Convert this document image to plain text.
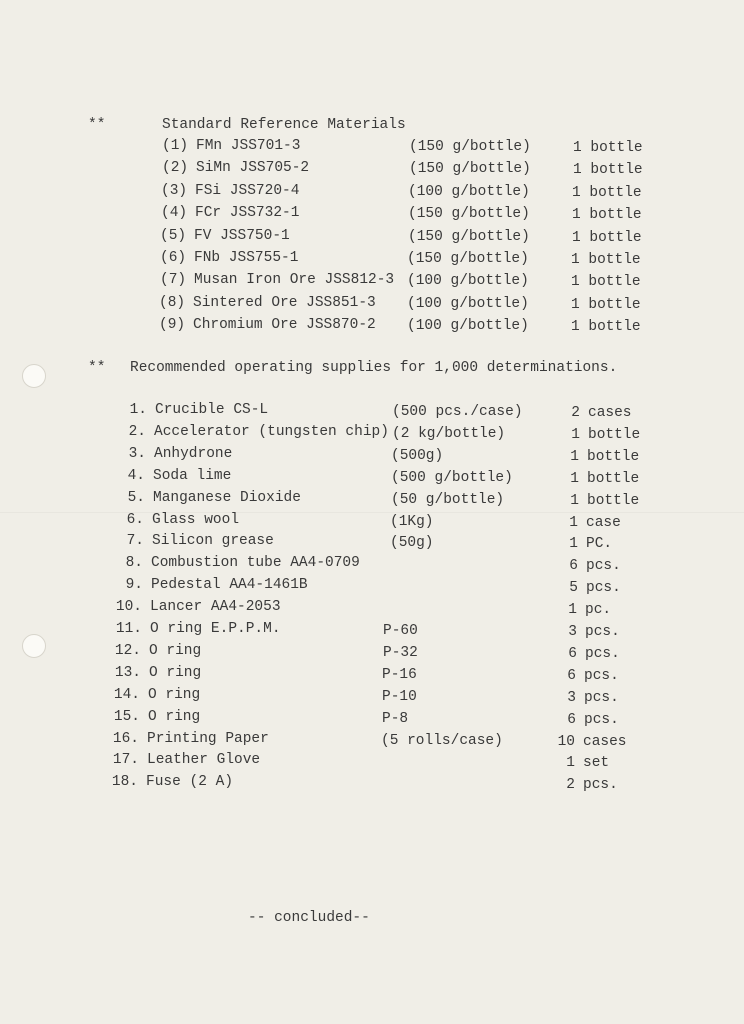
**	Standard Reference Materials
(1) FMn JSS701-3	(150 g/bottle)	1 bottle
(2) SiMn JSS705-2	(150 g/bottle)	1 bottle
(3) FSi JSS720-4	(100 g/bottle)	1 bottle
(4) FCr JSS732-1	(150 g/bottle)	1 bottle
(5) FV JSS750-1	(150 g/bottle)	1 bottle
(6) FNb JSS755-1	(150 g/bottle)	1 bottle
(7) Musan Iron Ore JSS812-3 (100 g/bottle)	1 bottle
(8) Sintered Ore JSS851-3 (100 g/bottle)	1 bottle
(9) Chromium Ore JSS870-2 (100 g/bottle)	1 bottle
** Recommended operating supplies for 1,000 determinations.
1. Crucible CS-L	(500 pcs./case)	2 cases
2. Accelerator (tungsten chip) (2 kg/bottle)	1 bottle
3. Anhydrone	(500g)	1 bottle
4. Soda lime	(500 g/bottle)	1 bottle
5. Manganese Dioxide	(50 g/bottle)	1 bottle
6. Glass wool	(1Kg)	1 case
7. Silicon grease	(50g)	1 PC.
8. Combustion tube AA4-0709	6 pcs.
9. Pedestal AA4-1461B	5 pcs.
10. Lancer AA4-2053	1 pc.
11. O ring E.P.P.M.	P-60	3 pcs.
12. O ring	P-32	6 pcs.
13. O ring	P-16	6 pcs.
14. O ring	P-10	3 pcs.
15. O ring	P-8	6 pcs.
16. Printing Paper	(5 rolls/case)	10 cases
17. Leather Glove	1 set
18. Fuse (2 A)	2 pcs.
-- concluded--
